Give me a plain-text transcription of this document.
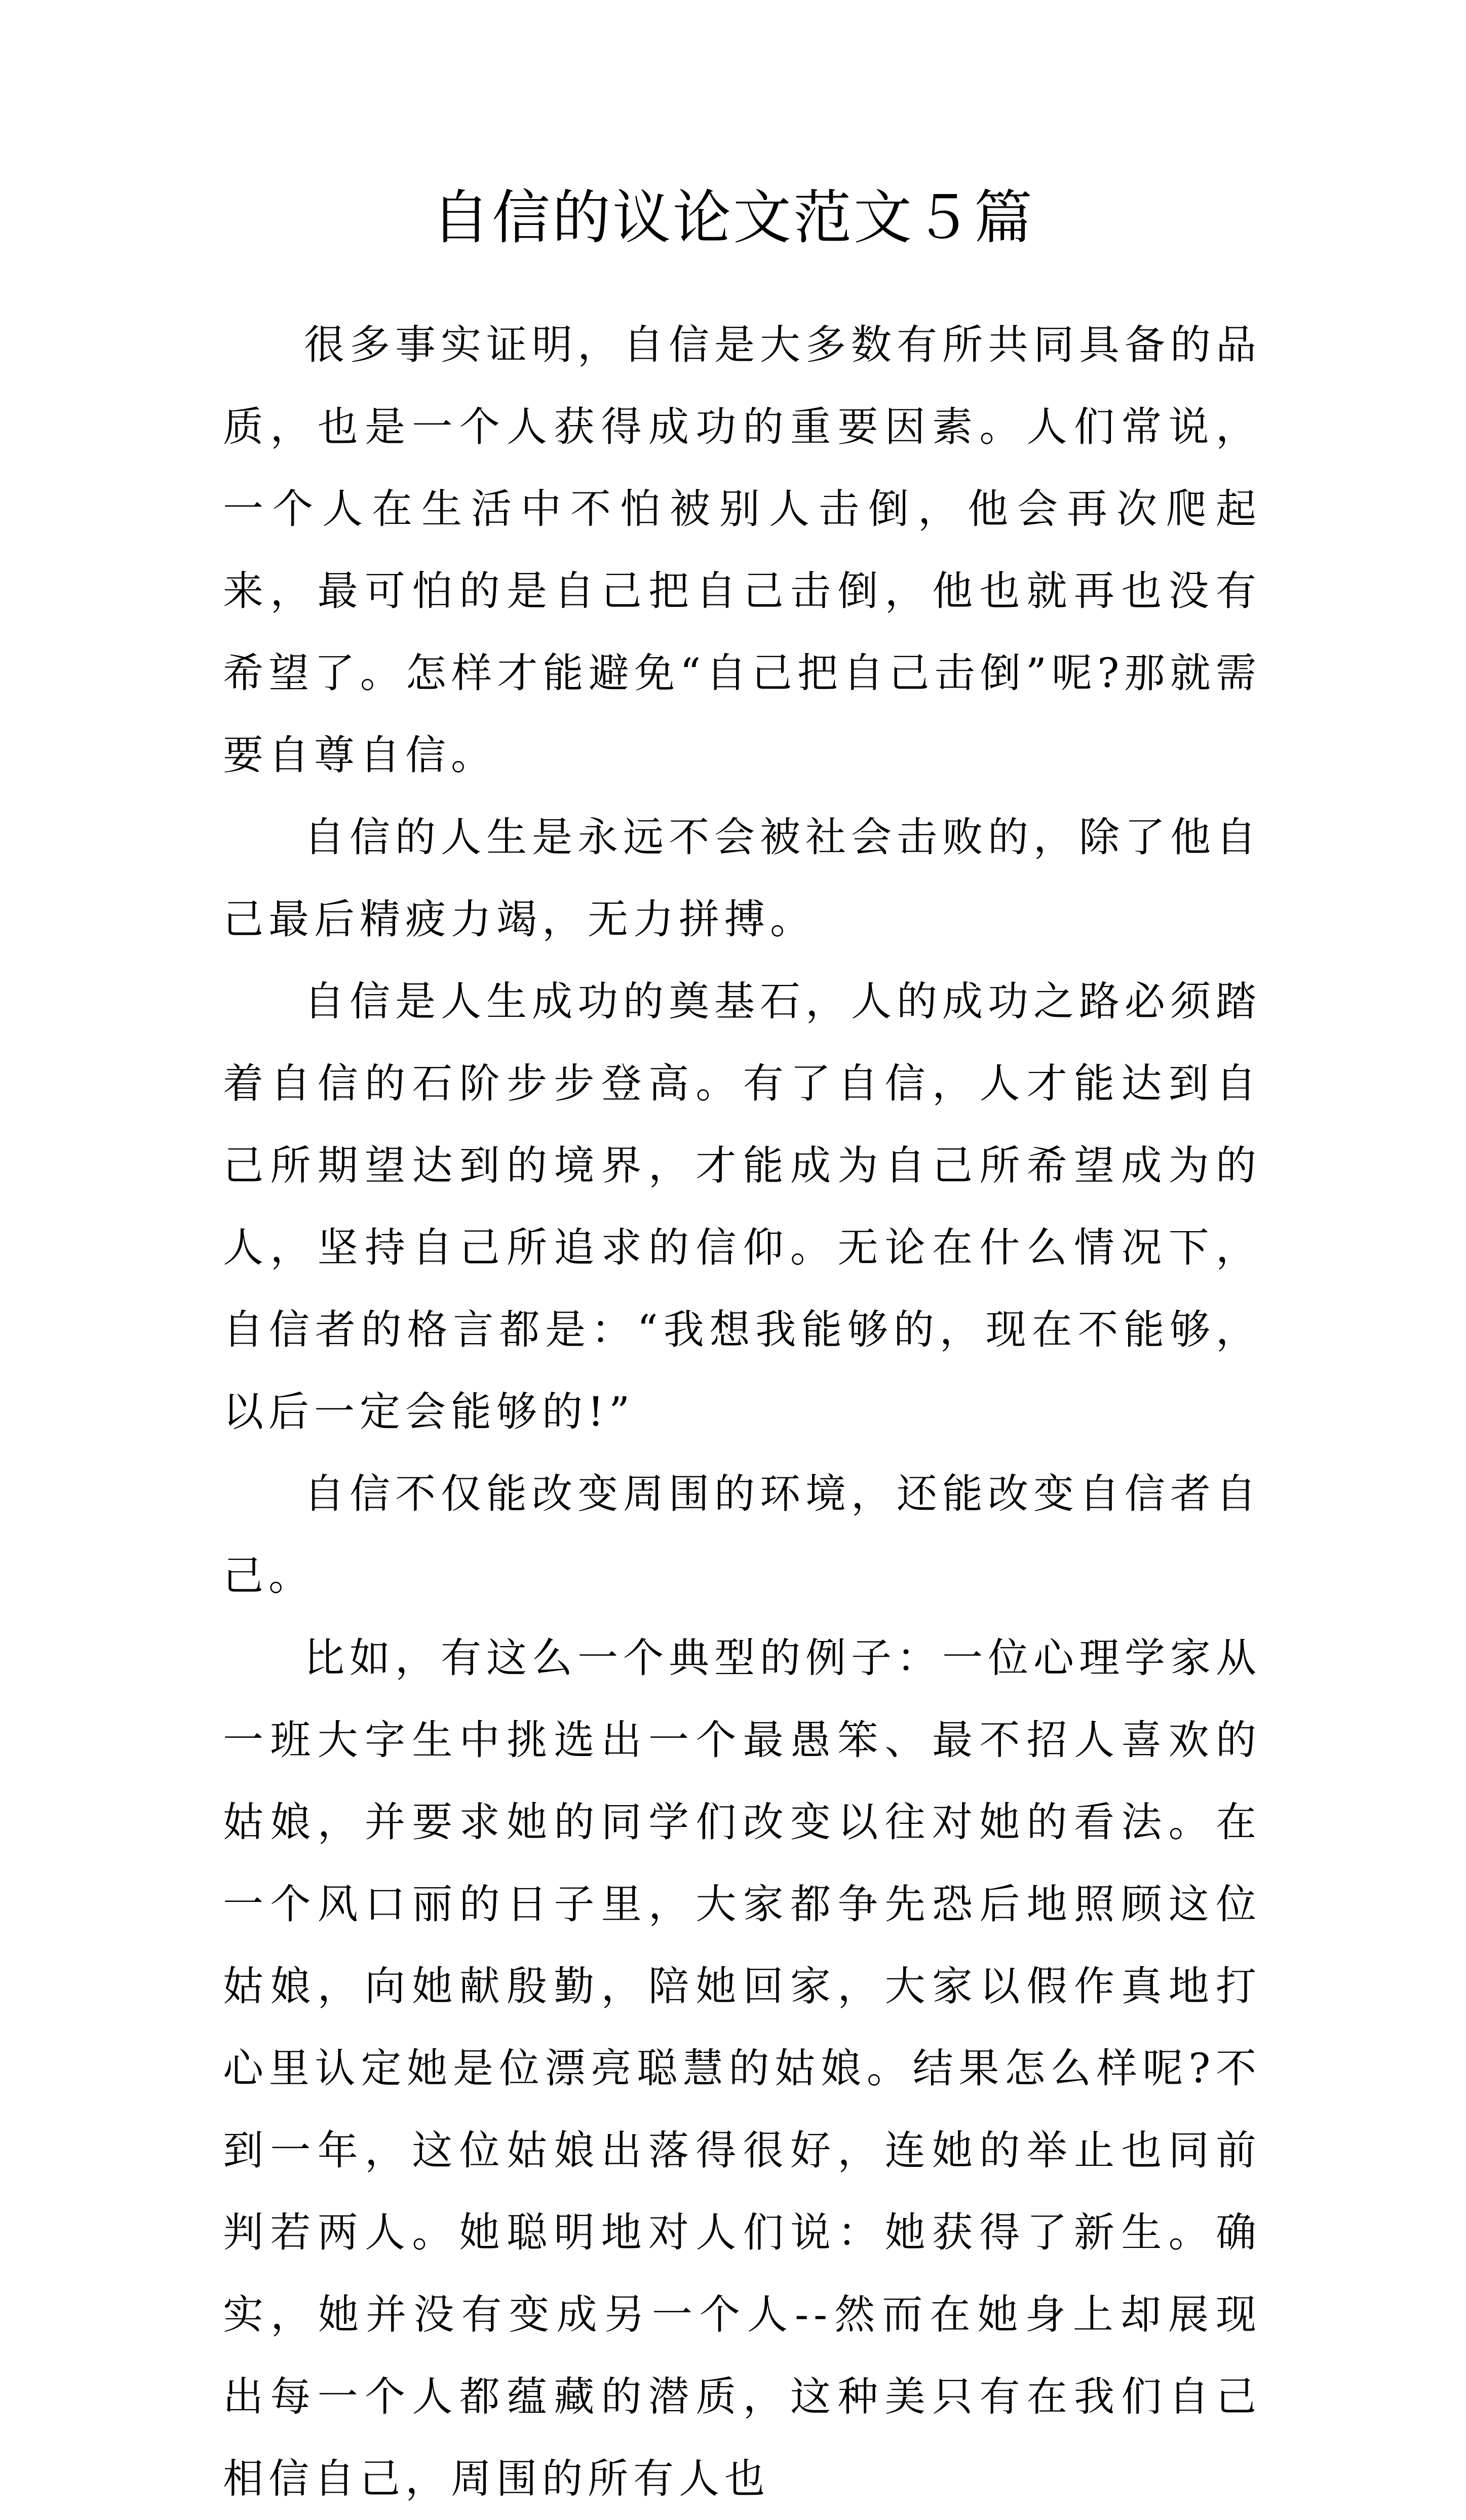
自信的议论文范文５篇

很多事实证明，自信是大多数有所共同具备的品质，也是一个人获得成功的重要因素。人们常说，一个人在生活中不怕被别人击倒，他会再次爬起来，最可怕的是自己把自己击倒，他也就再也没有希望了。怎样才能避免“自己把自己击倒”呢?那就需要自尊自信。

自信的人生是永远不会被社会击败的，除了他自己最后精疲力竭，无力拼搏。

自信是人生成功的奠基石，人的成功之路必须踏着自信的石阶步步登高。有了自信，人才能达到自己所期望达到的境界，才能成为自己所希望成为的人，坚持自己所追求的信仰。无论在什么情况下，自信者的格言都是：“我想我能够的，现在不能够，以后一定会能够的!”

自信不仅能改变周围的环境，还能改变自信者自己。

比如，有这么一个典型的例子：一位心理学家从一班大字生中挑选出一个最愚笨、最不招人喜欢的姑娘，并要求她的同学们改变以往对她的看法。在一个风口丽的日子里，大家都争先恐后地照顾这位姑娘，向她献殷勤，陪她回家，大家以假作真地打心里认定她是位漂亮聪慧的姑娘。结果怎么样呢?不到一年，这位姑娘出落得很好，连她的举止也同前判若两人。她聪明地对人们说：她获得了新生。确实，她并没有变成另一个人--然而在她身上却展现出每一个人都蕴藏的潜质，这种美只有在我们自己相信自己，周围的所有人也
